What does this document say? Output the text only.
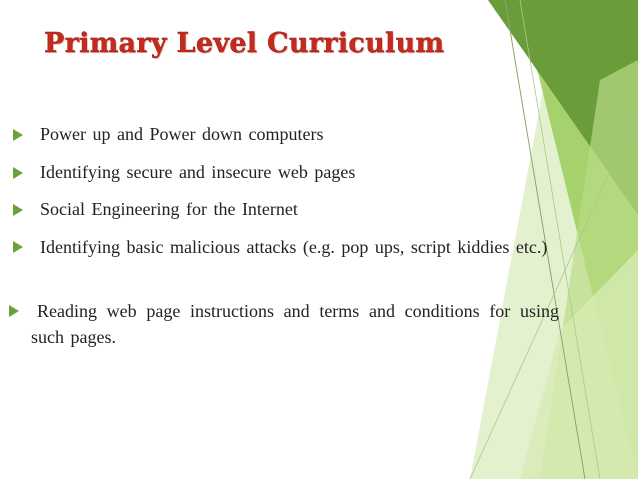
Primary Level Curriculum
Power up and Power down computers
Identifying secure and insecure web pages
Social Engineering for the Internet
Identifying basic malicious attacks (e.g. pop ups, script kiddies etc.)
Reading web page instructions and terms and conditions for using such pages.
